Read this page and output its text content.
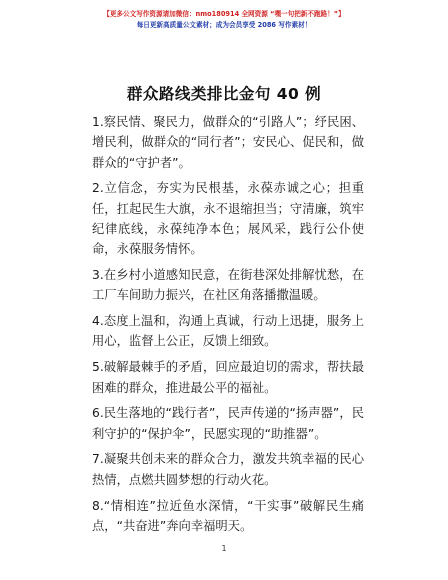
【更多公文写作资源请加微信：nmo180914 全网资源 “嘿一句把新不跑路！”】
每日更新高质量公文素材；成为会员享受 2086 写作素材！
群众路线类排比金句 40 例

1.察民情、聚民力，做群众的“引路人”；纾民困、增民利，做群众的“同行者”；安民心、促民和，做群众的“守护者”。

2.立信念，夯实为民根基，永葆赤诚之心；担重任，扛起民生大旗，永不退缩担当；守清廉，筑牢纪律底线，永葆纯净本色；展风采，践行公仆使命，永葆服务情怀。

3.在乡村小道感知民意，在街巷深处排解忧愁，在工厂车间助力振兴，在社区角落播撒温暖。

4.态度上温和，沟通上真诚，行动上迅捷，服务上用心，监督上公正，反馈上细致。

5.破解最棘手的矛盾，回应最迫切的需求，帮扶最困难的群众，推进最公平的福祉。

6.民生落地的“践行者”，民声传递的“扬声器”，民利守护的“保护伞”，民愿实现的“助推器”。

7.凝聚共创未来的群众合力，激发共筑幸福的民心热情，点燃共圆梦想的行动火花。

8.“情相连”拉近鱼水深情，“干实事”破解民生痛点，“共奋进”奔向幸福明天。

1
